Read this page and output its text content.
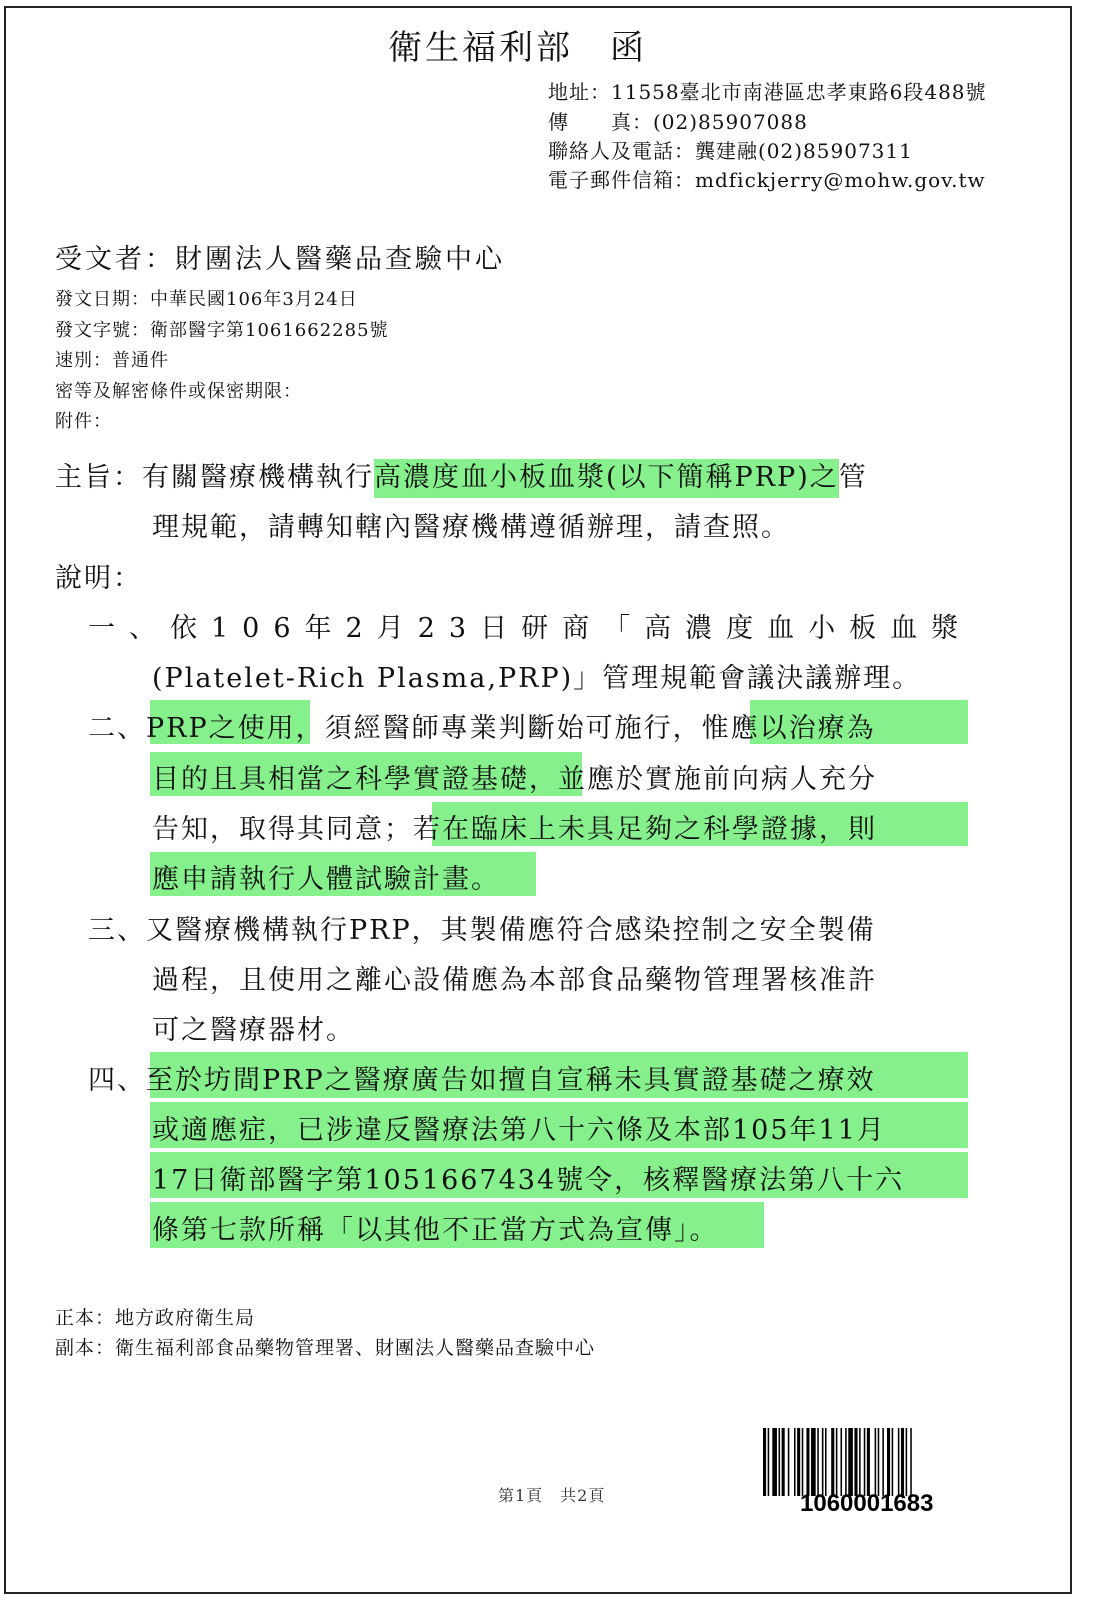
衛生福利部　函
地址：11558臺北市南港區忠孝東路6段488號
傳　　真：(02)85907088
聯絡人及電話：龔建融(02)85907311
電子郵件信箱：mdfickjerry@mohw.gov.tw
受文者：財團法人醫藥品查驗中心
發文日期：中華民國106年3月24日
發文字號：衛部醫字第1061662285號
速別：普通件
密等及解密條件或保密期限：
附件：
主旨：有關醫療機構執行高濃度血小板血漿(以下簡稱PRP)之管
理規範，請轉知轄內醫療機構遵循辦理，請查照。
說明：
一、依106年2月23日研商「高濃度血小板血漿
(Platelet-Rich Plasma,PRP)」管理規範會議決議辦理。
二、PRP之使用，須經醫師專業判斷始可施行，惟應以治療為
目的且具相當之科學實證基礎，並應於實施前向病人充分
告知，取得其同意；若在臨床上未具足夠之科學證據，則
應申請執行人體試驗計畫。
三、又醫療機構執行PRP，其製備應符合感染控制之安全製備
過程，且使用之離心設備應為本部食品藥物管理署核准許
可之醫療器材。
四、至於坊間PRP之醫療廣告如擅自宣稱未具實證基礎之療效
或適應症，已涉違反醫療法第八十六條及本部105年11月
17日衛部醫字第1051667434號令，核釋醫療法第八十六
條第七款所稱「以其他不正當方式為宣傳」。
正本：地方政府衛生局
副本：衛生福利部食品藥物管理署、財團法人醫藥品查驗中心
第1頁　共2頁	1060001683
